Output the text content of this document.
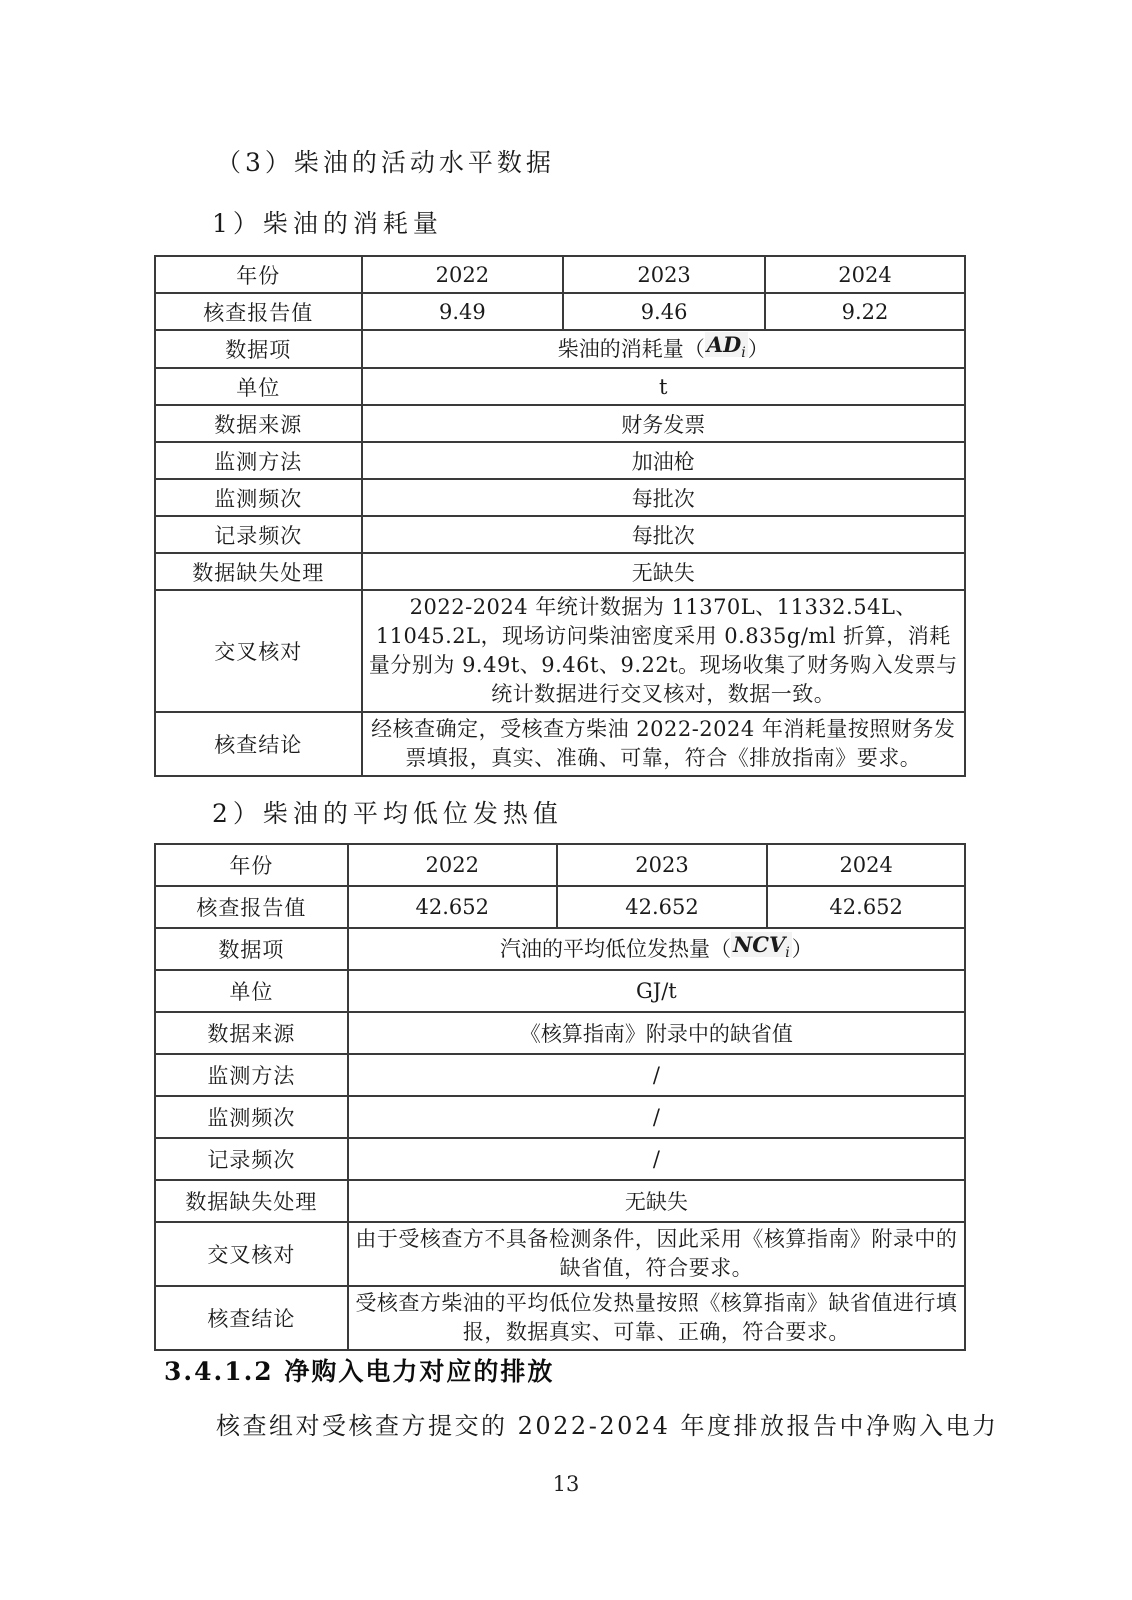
（3）柴油的活动水平数据
1）柴油的消耗量
年份	2022	2023	2024
核查报告值	9.49	9.46	9.22
数据项	柴油的消耗量$(AD_i)$		
单位	t		
数据来源	财务发票		
监测方法	加油枪		
监测频次	每批次		
记录频次	每批次		
数据缺失处理	无缺失		
交叉核对	2022-2024 年统计数据为 11370L、11332.54L、11045.2L，现场访问柴油密度采用 0.835g/ml 折算，消耗量分别为 9.49t、9.46t、9.22t。现场收集了财务购入发票与统计数据进行交叉核对，数据一致。		
核查结论	经核查确定，受核查方柴油 2022-2024 年消耗量按照财务发票填报，真实、准确、可靠，符合《排放指南》要求。		
2）柴油的平均低位发热值
年份	2022	2023	2024
核查报告值	42.652	42.652	42.652
数据项	汽油的平均低位发热量$(NCV_i)$		
单位	GJ/t		
数据来源	《核算指南》附录中的缺省值		
监测方法	/		
监测频次	/		
记录频次	/		
数据缺失处理	无缺失		
交叉核对	由于受核查方不具备检测条件，因此采用《核算指南》附录中的缺省值，符合要求。		
核查结论	受核查方柴油的平均低位发热量按照《核算指南》缺省值进行填报，数据真实、可靠、正确，符合要求。		
3.4.1.2 净购入电力对应的排放
核查组对受核查方提交的 2022-2024 年度排放报告中净购入电力
13
